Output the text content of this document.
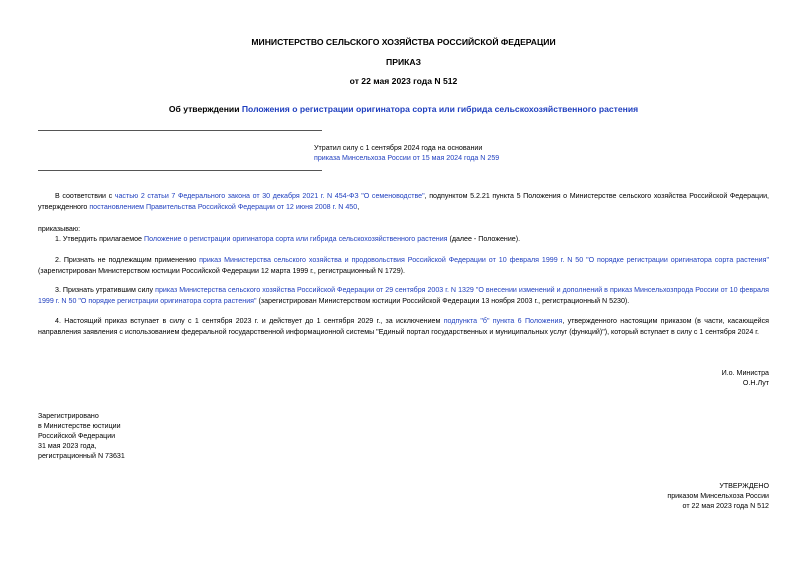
МИНИСТЕРСТВО СЕЛЬСКОГО ХОЗЯЙСТВА РОССИЙСКОЙ ФЕДЕРАЦИИ
ПРИКАЗ
от 22 мая 2023 года N 512
Об утверждении Положения о регистрации оригинатора сорта или гибрида сельскохозяйственного растения
Утратил силу с 1 сентября 2024 года на основании
приказа Минсельхоза России от 15 мая 2024 года N 259
В соответствии с частью 2 статьи 7 Федерального закона от 30 декабря 2021 г. N 454-ФЗ "О семеноводстве", подпунктом 5.2.21 пункта 5 Положения о Министерстве сельского хозяйства Российской Федерации, утвержденного постановлением Правительства Российской Федерации от 12 июня 2008 г. N 450,
приказываю:
1. Утвердить прилагаемое Положение о регистрации оригинатора сорта или гибрида сельскохозяйственного растения (далее - Положение).
2. Признать не подлежащим применению приказ Министерства сельского хозяйства и продовольствия Российской Федерации от 10 февраля 1999 г. N 50 "О порядке регистрации оригинатора сорта растения" (зарегистрирован Министерством юстиции Российской Федерации 12 марта 1999 г., регистрационный N 1729).
3. Признать утратившим силу приказ Министерства сельского хозяйства Российской Федерации от 29 сентября 2003 г. N 1329 "О внесении изменений и дополнений в приказ Минсельхозпрода России от 10 февраля 1999 г. N 50 "О порядке регистрации оригинатора сорта растения" (зарегистрирован Министерством юстиции Российской Федерации 13 ноября 2003 г., регистрационный N 5230).
4. Настоящий приказ вступает в силу с 1 сентября 2023 г. и действует до 1 сентября 2029 г., за исключением подпункта "б" пункта 6 Положения, утвержденного настоящим приказом (в части, касающейся направления заявления с использованием федеральной государственной информационной системы "Единый портал государственных и муниципальных услуг (функций)"), который вступает в силу с 1 сентября 2024 г.
И.о. Министра
О.Н.Лут
Зарегистрировано
в Министерстве юстиции
Российской Федерации
31 мая 2023 года,
регистрационный N 73631
УТВЕРЖДЕНО
приказом Минсельхоза России
от 22 мая 2023 года N 512
